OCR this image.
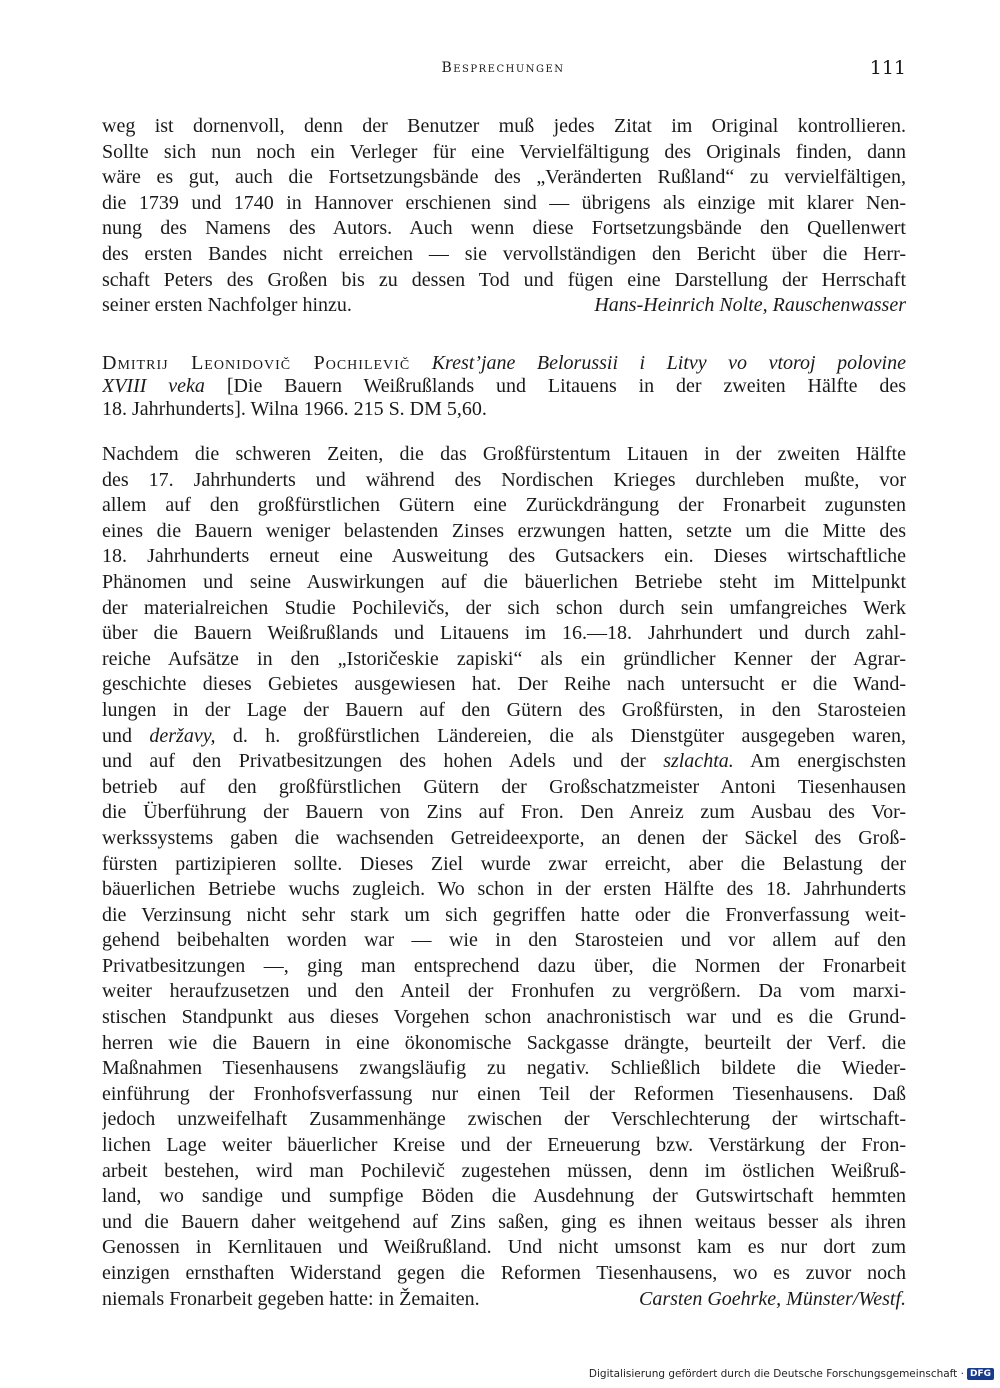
Besprechungen	111
weg ist dornenvoll, denn der Benutzer muß jedes Zitat im Original kontrollieren.
Sollte sich nun noch ein Verleger für eine Vervielfältigung des Originals finden, dann
wäre es gut, auch die Fortsetzungsbände des „Veränderten Rußland“ zu vervielfältigen,
die 1739 und 1740 in Hannover erschienen sind — übrigens als einzige mit klarer Nen-
nung des Namens des Autors. Auch wenn diese Fortsetzungsbände den Quellenwert
des ersten Bandes nicht erreichen — sie vervollständigen den Bericht über die Herr-
schaft Peters des Großen bis zu dessen Tod und fügen eine Darstellung der Herrschaft
seiner ersten Nachfolger hinzu.	Hans-Heinrich Nolte, Rauschenwasser
Dmitrij Leonidovič Pochilevič Krest’jane Belorussii i Litvy vo vtoroj polovine
XVIII veka [Die Bauern Weißrußlands und Litauens in der zweiten Hälfte des
18. Jahrhunderts]. Wilna 1966. 215 S. DM 5,60.
Nachdem die schweren Zeiten, die das Großfürstentum Litauen in der zweiten Hälfte
des 17. Jahrhunderts und während des Nordischen Krieges durchleben mußte, vor
allem auf den großfürstlichen Gütern eine Zurückdrängung der Fronarbeit zugunsten
eines die Bauern weniger belastenden Zinses erzwungen hatten, setzte um die Mitte des
18. Jahrhunderts erneut eine Ausweitung des Gutsackers ein. Dieses wirtschaftliche
Phänomen und seine Auswirkungen auf die bäuerlichen Betriebe steht im Mittelpunkt
der materialreichen Studie Pochilevičs, der sich schon durch sein umfangreiches Werk
über die Bauern Weißrußlands und Litauens im 16.—18. Jahrhundert und durch zahl-
reiche Aufsätze in den „Istoričeskie zapiski“ als ein gründlicher Kenner der Agrar-
geschichte dieses Gebietes ausgewiesen hat. Der Reihe nach untersucht er die Wand-
lungen in der Lage der Bauern auf den Gütern des Großfürsten, in den Starosteien
und deržavy, d. h. großfürstlichen Ländereien, die als Dienstgüter ausgegeben waren,
und auf den Privatbesitzungen des hohen Adels und der szlachta. Am energischsten
betrieb auf den großfürstlichen Gütern der Großschatzmeister Antoni Tiesenhausen
die Überführung der Bauern von Zins auf Fron. Den Anreiz zum Ausbau des Vor-
werkssystems gaben die wachsenden Getreideexporte, an denen der Säckel des Groß-
fürsten partizipieren sollte. Dieses Ziel wurde zwar erreicht, aber die Belastung der
bäuerlichen Betriebe wuchs zugleich. Wo schon in der ersten Hälfte des 18. Jahrhunderts
die Verzinsung nicht sehr stark um sich gegriffen hatte oder die Fronverfassung weit-
gehend beibehalten worden war — wie in den Starosteien und vor allem auf den
Privatbesitzungen —, ging man entsprechend dazu über, die Normen der Fronarbeit
weiter heraufzusetzen und den Anteil der Fronhufen zu vergrößern. Da vom marxi-
stischen Standpunkt aus dieses Vorgehen schon anachronistisch war und es die Grund-
herren wie die Bauern in eine ökonomische Sackgasse drängte, beurteilt der Verf. die
Maßnahmen Tiesenhausens zwangsläufig zu negativ. Schließlich bildete die Wieder-
einführung der Fronhofsverfassung nur einen Teil der Reformen Tiesenhausens. Daß
jedoch unzweifelhaft Zusammenhänge zwischen der Verschlechterung der wirtschaft-
lichen Lage weiter bäuerlicher Kreise und der Erneuerung bzw. Verstärkung der Fron-
arbeit bestehen, wird man Pochilevič zugestehen müssen, denn im östlichen Weißruß-
land, wo sandige und sumpfige Böden die Ausdehnung der Gutswirtschaft hemmten
und die Bauern daher weitgehend auf Zins saßen, ging es ihnen weitaus besser als ihren
Genossen in Kernlitauen und Weißrußland. Und nicht umsonst kam es nur dort zum
einzigen ernsthaften Widerstand gegen die Reformen Tiesenhausens, wo es zuvor noch
niemals Fronarbeit gegeben hatte: in Žemaiten.	Carsten Goehrke, Münster/Westf.
Digitalisierung gefördert durch die Deutsche Forschungsgemeinschaft · DFG
